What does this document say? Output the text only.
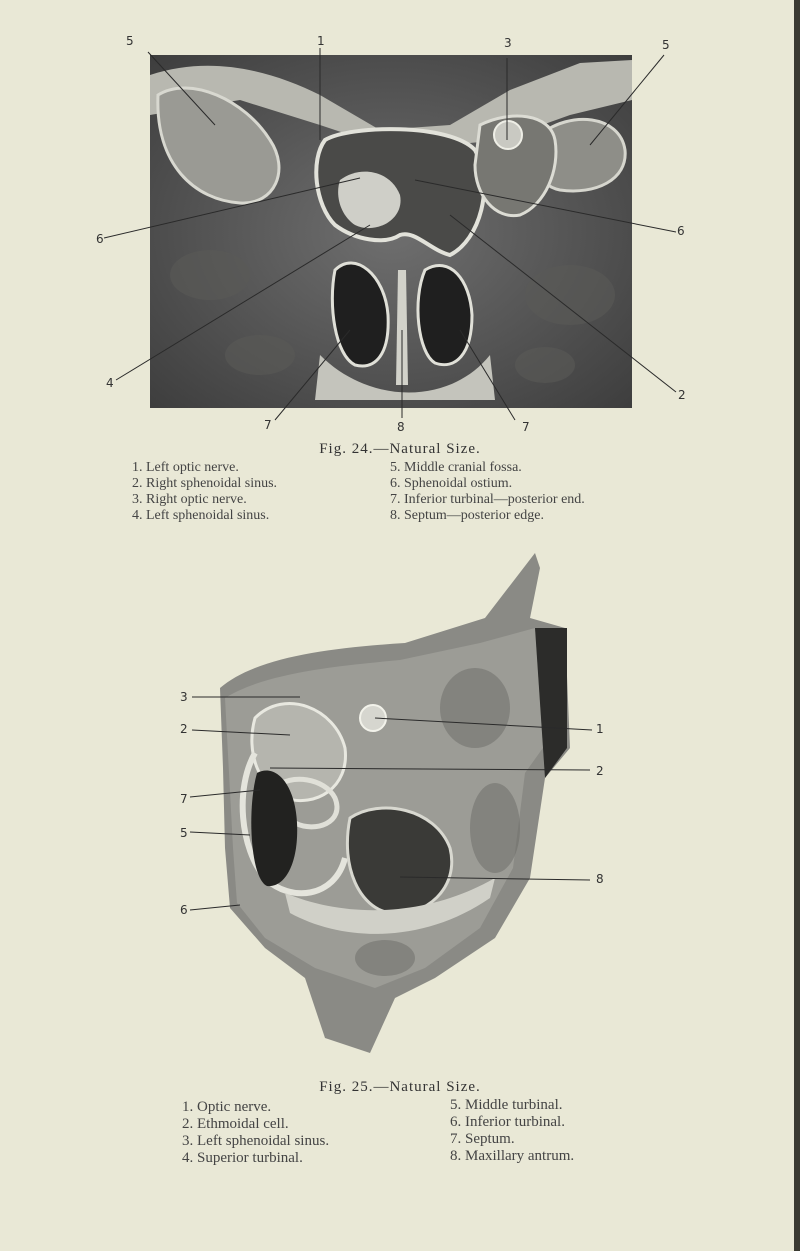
5	1	3	5
6
6
4
2
7	8	7
Fig. 24.—Natural Size.
1. Left optic nerve.
2. Right sphenoidal sinus.
3. Right optic nerve.
4. Left sphenoidal sinus.
5. Middle cranial fossa.
6. Sphenoidal ostium.
7. Inferior turbinal—posterior end.
8. Septum—posterior edge.
3
2
7
5
6
1
2
8
Fig. 25.—Natural Size.
1. Optic nerve.
2. Ethmoidal cell.
3. Left sphenoidal sinus.
4. Superior turbinal.
5. Middle turbinal.
6. Inferior turbinal.
7. Septum.
8. Maxillary antrum.
